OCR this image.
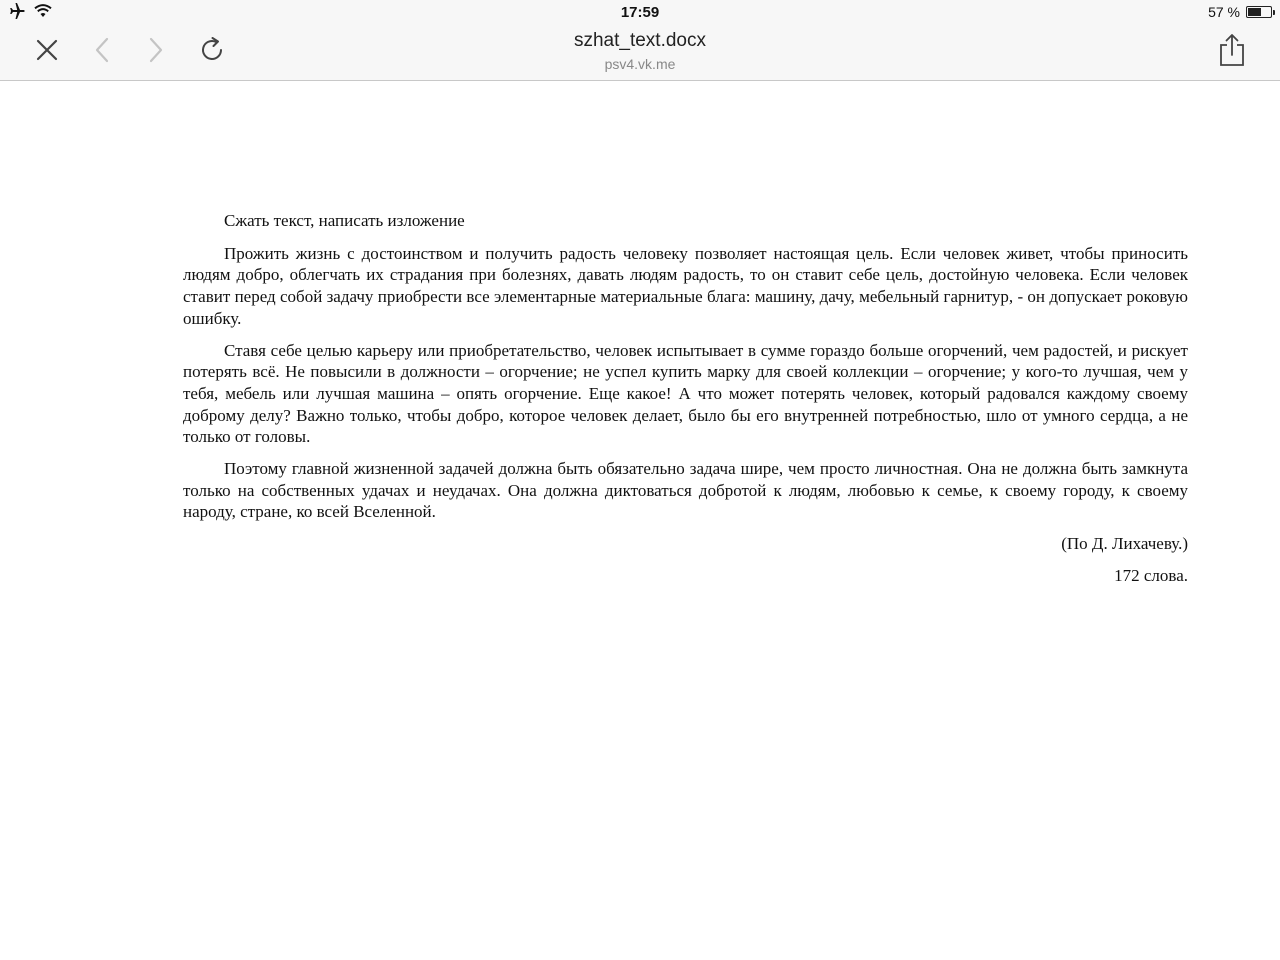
17:59	57 %
szhat_text.docx
psv4.vk.me

Сжать текст, написать изложение

Прожить жизнь с достоинством и получить радость человеку позволяет настоящая цель. Если человек живет, чтобы приносить людям добро, облегчать их страдания при болезнях, давать людям радость, то он ставит себе цель, достойную человека. Если человек ставит перед собой задачу приобрести все элементарные материальные блага: машину, дачу, мебельный гарнитур, - он допускает роковую ошибку.

Ставя себе целью карьеру или приобретательство, человек испытывает в сумме гораздо больше огорчений, чем радостей, и рискует потерять всё. Не повысили в должности – огорчение; не успел купить марку для своей коллекции – огорчение; у кого-то лучшая, чем у тебя, мебель или лучшая машина – опять огорчение. Еще какое! А что может потерять человек, который радовался каждому своему доброму делу? Важно только, чтобы добро, которое человек делает, было бы его внутренней потребностью, шло от умного сердца, а не только от головы.

Поэтому главной жизненной задачей должна быть обязательно задача шире, чем просто личностная. Она не должна быть замкнута только на собственных удачах и неудачах. Она должна диктоваться добротой к людям, любовью к семье, к своему городу, к своему народу, стране, ко всей Вселенной.

(По Д. Лихачеву.)

172 слова.
